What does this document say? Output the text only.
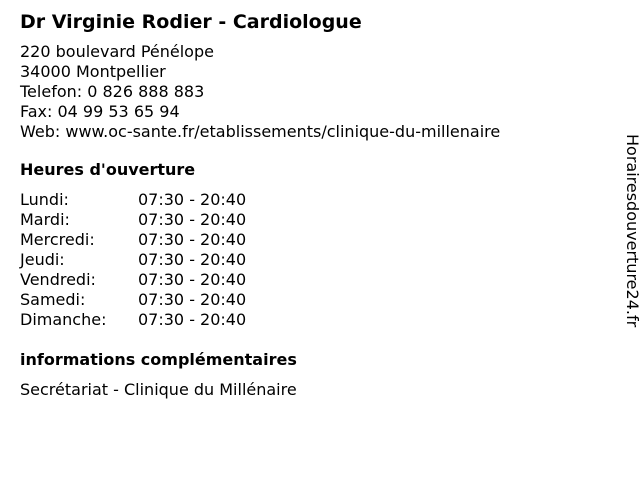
Dr Virginie Rodier - Cardiologue
220 boulevard Pénélope
34000 Montpellier
Telefon: 0 826 888 883
Fax: 04 99 53 65 94
Web: www.oc-sante.fr/etablissements/clinique-du-millenaire
Heures d'ouverture
Lundi:	07:30 - 20:40
Mardi:	07:30 - 20:40
Mercredi:	07:30 - 20:40
Jeudi:	07:30 - 20:40
Vendredi:	07:30 - 20:40
Samedi:	07:30 - 20:40
Dimanche:	07:30 - 20:40
informations complémentaires
Secrétariat - Clinique du Millénaire
Horairesdouverture24.fr
